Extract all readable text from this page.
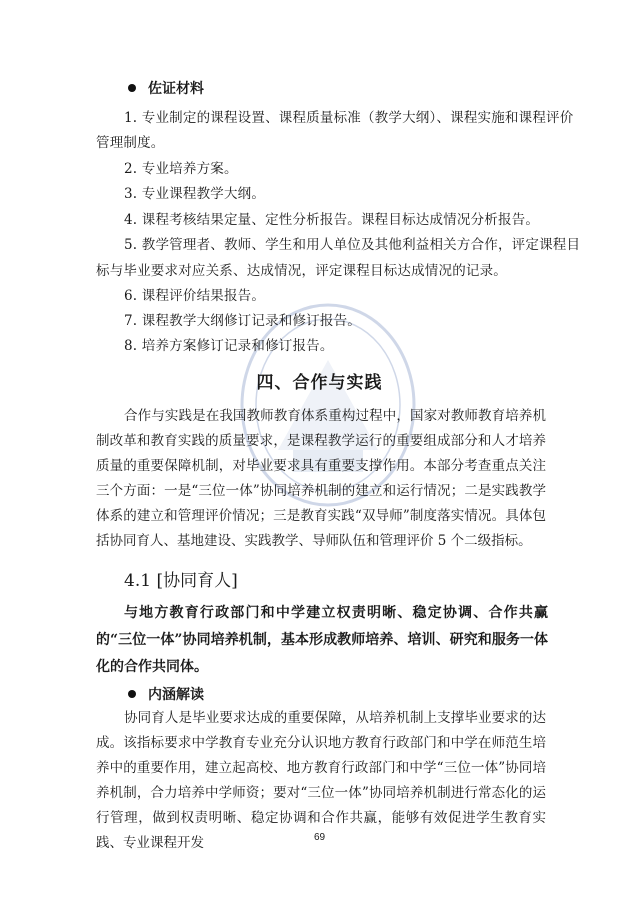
佐证材料
1. 专业制定的课程设置、课程质量标准（教学大纲）、课程实施和课程评价
管理制度。
2. 专业培养方案。
3. 专业课程教学大纲。
4. 课程考核结果定量、定性分析报告。课程目标达成情况分析报告。
5. 教学管理者、教师、学生和用人单位及其他利益相关方合作，评定课程目
标与毕业要求对应关系、达成情况，评定课程目标达成情况的记录。
6. 课程评价结果报告。
7. 课程教学大纲修订记录和修订报告。
8. 培养方案修订记录和修订报告。
四、合作与实践
合作与实践是在我国教师教育体系重构过程中，国家对教师教育培养机制改革和教育实践的质量要求，是课程教学运行的重要组成部分和人才培养质量的重要保障机制，对毕业要求具有重要支撑作用。本部分考查重点关注三个方面：一是“三位一体”协同培养机制的建立和运行情况；二是实践教学体系的建立和管理评价情况；三是教育实践“双导师”制度落实情况。具体包括协同育人、基地建设、实践教学、导师队伍和管理评价 5 个二级指标。
4.1 [协同育人]
与地方教育行政部门和中学建立权责明晰、稳定协调、合作共赢的“三位一体”协同培养机制，基本形成教师培养、培训、研究和服务一体化的合作共同体。
内涵解读
协同育人是毕业要求达成的重要保障，从培养机制上支撑毕业要求的达成。该指标要求中学教育专业充分认识地方教育行政部门和中学在师范生培养中的重要作用，建立起高校、地方教育行政部门和中学“三位一体”协同培养机制，合力培养中学师资；要对“三位一体”协同培养机制进行常态化的运行管理，做到权责明晰、稳定协调和合作共赢，能够有效促进学生教育实践、专业课程开发	69
